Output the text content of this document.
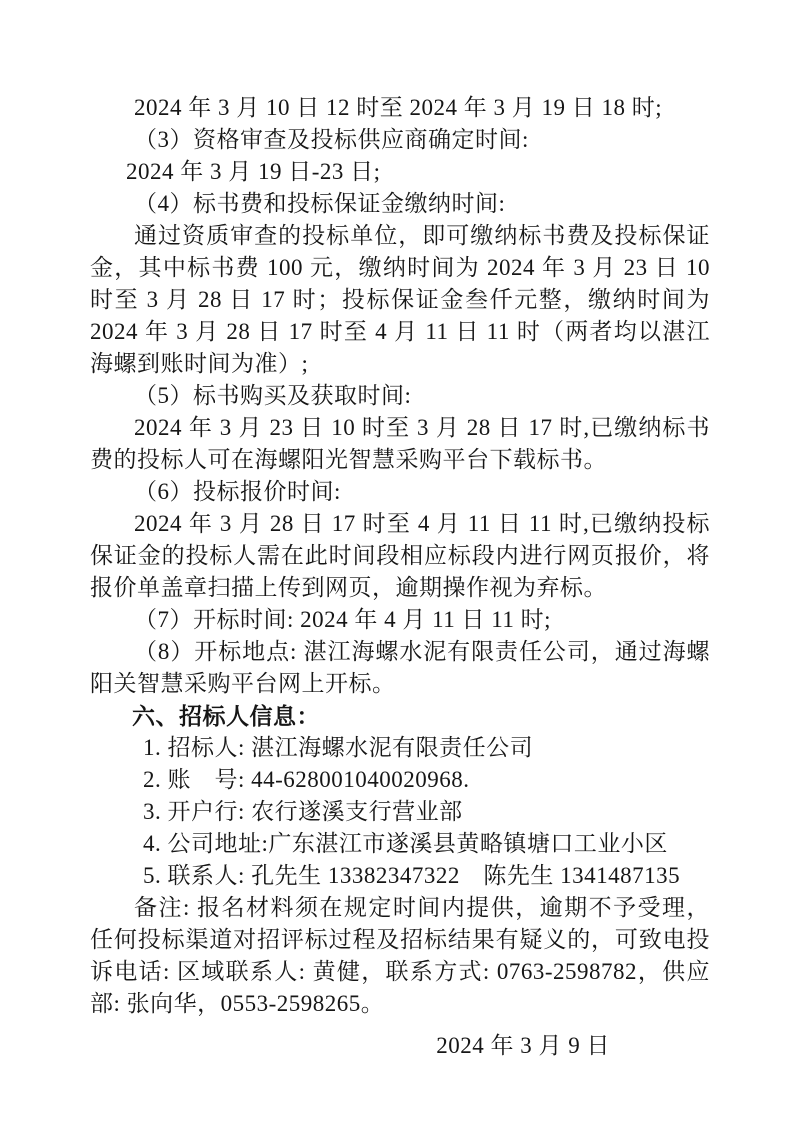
2024 年 3 月 10 日 12 时至 2024 年 3 月 19 日 18 时;

（3）资格审查及投标供应商确定时间:

2024 年 3 月 19 日-23 日;

（4）标书费和投标保证金缴纳时间:

通过资质审查的投标单位，即可缴纳标书费及投标保证金，其中标书费 100 元，缴纳时间为 2024 年 3 月 23 日 10 时至 3 月 28 日 17 时；投标保证金叁仟元整，缴纳时间为 2024 年 3 月 28 日 17 时至 4 月 11 日 11 时（两者均以湛江海螺到账时间为准）;

（5）标书购买及获取时间:

2024 年 3 月 23 日 10 时至 3 月 28 日 17 时,已缴纳标书费的投标人可在海螺阳光智慧采购平台下载标书。

（6）投标报价时间:

2024 年 3 月 28 日 17 时至 4 月 11 日 11 时,已缴纳投标保证金的投标人需在此时间段相应标段内进行网页报价，将报价单盖章扫描上传到网页，逾期操作视为弃标。

（7）开标时间: 2024 年 4 月 11 日 11 时;

（8）开标地点: 湛江海螺水泥有限责任公司，通过海螺阳关智慧采购平台网上开标。

六、招标人信息：

1. 招标人: 湛江海螺水泥有限责任公司

2. 账　号: 44-628001040020968.

3. 开户行: 农行遂溪支行营业部

4. 公司地址:广东湛江市遂溪县黄略镇塘口工业小区

5. 联系人: 孔先生 13382347322　陈先生 1341487135

备注: 报名材料须在规定时间内提供，逾期不予受理，任何投标渠道对招评标过程及招标结果有疑义的，可致电投诉电话: 区域联系人: 黄健，联系方式: 0763-2598782，供应部: 张向华，0553-2598265。

2024 年 3 月 9 日
